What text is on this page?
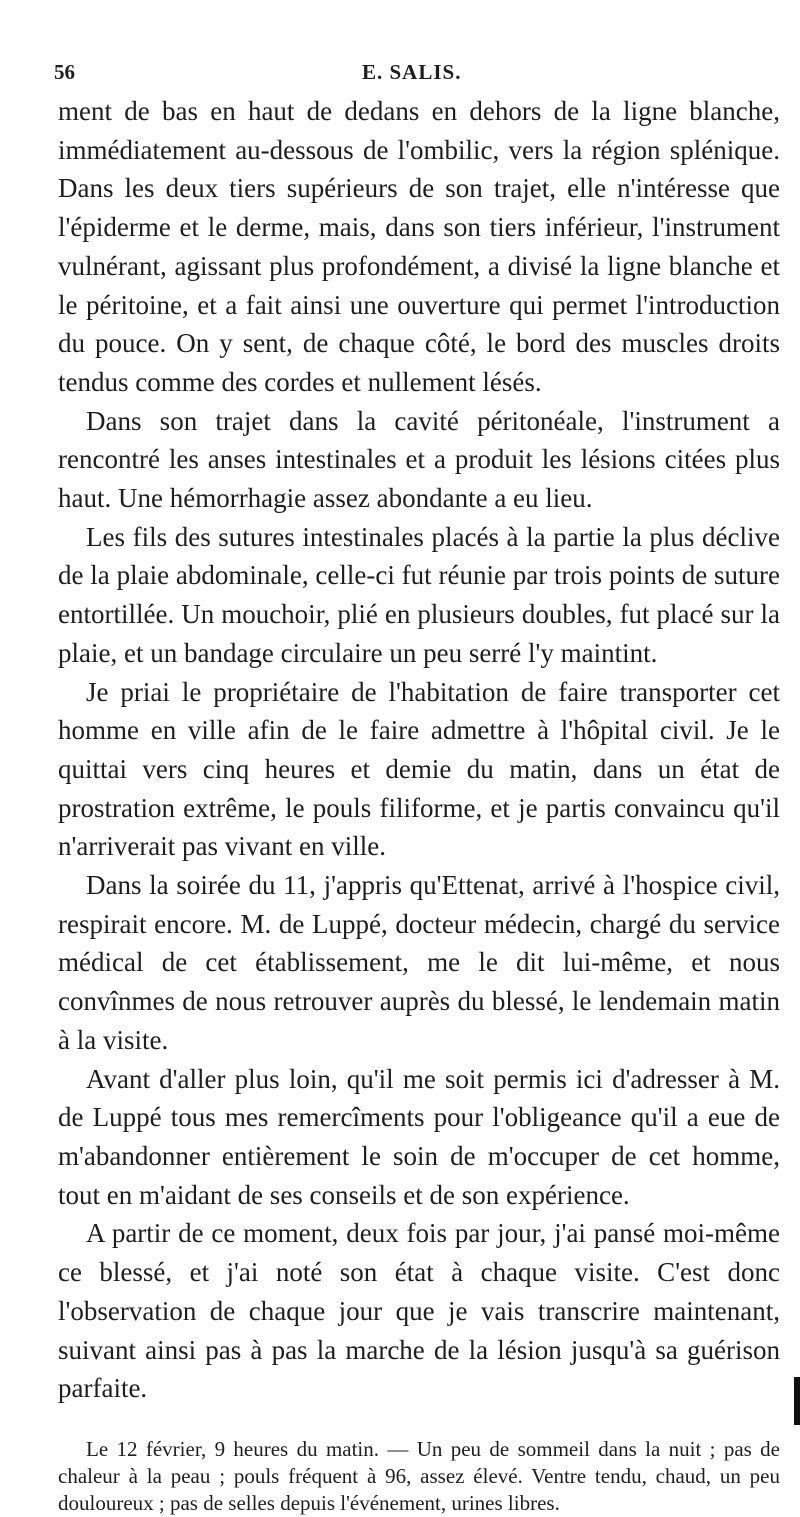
56	E. SALIS.

ment de bas en haut de dedans en dehors de la ligne blanche, immédiatement au-dessous de l'ombilic, vers la région splénique. Dans les deux tiers supérieurs de son trajet, elle n'intéresse que l'épiderme et le derme, mais, dans son tiers inférieur, l'instrument vulnérant, agissant plus profondément, a divisé la ligne blanche et le péritoine, et a fait ainsi une ouverture qui permet l'introduction du pouce. On y sent, de chaque côté, le bord des muscles droits tendus comme des cordes et nullement lésés.

Dans son trajet dans la cavité péritonéale, l'instrument a rencontré les anses intestinales et a produit les lésions citées plus haut. Une hémorrhagie assez abondante a eu lieu.

Les fils des sutures intestinales placés à la partie la plus déclive de la plaie abdominale, celle-ci fut réunie par trois points de suture entortillée. Un mouchoir, plié en plusieurs doubles, fut placé sur la plaie, et un bandage circulaire un peu serré l'y maintint.

Je priai le propriétaire de l'habitation de faire transporter cet homme en ville afin de le faire admettre à l'hôpital civil. Je le quittai vers cinq heures et demie du matin, dans un état de prostration extrême, le pouls filiforme, et je partis convaincu qu'il n'arriverait pas vivant en ville.

Dans la soirée du 11, j'appris qu'Ettenat, arrivé à l'hospice civil, respirait encore. M. de Luppé, docteur médecin, chargé du service médical de cet établissement, me le dit lui-même, et nous convînmes de nous retrouver auprès du blessé, le lendemain matin à la visite.

Avant d'aller plus loin, qu'il me soit permis ici d'adresser à M. de Luppé tous mes remercîments pour l'obligeance qu'il a eue de m'abandonner entièrement le soin de m'occuper de cet homme, tout en m'aidant de ses conseils et de son expérience.

A partir de ce moment, deux fois par jour, j'ai pansé moi-même ce blessé, et j'ai noté son état à chaque visite. C'est donc l'observation de chaque jour que je vais transcrire maintenant, suivant ainsi pas à pas la marche de la lésion jusqu'à sa guérison parfaite.

Le 12 février, 9 heures du matin. — Un peu de sommeil dans la nuit ; pas de chaleur à la peau ; pouls fréquent à 96, assez élevé. Ventre tendu, chaud, un peu douloureux ; pas de selles depuis l'événement, urines libres.
